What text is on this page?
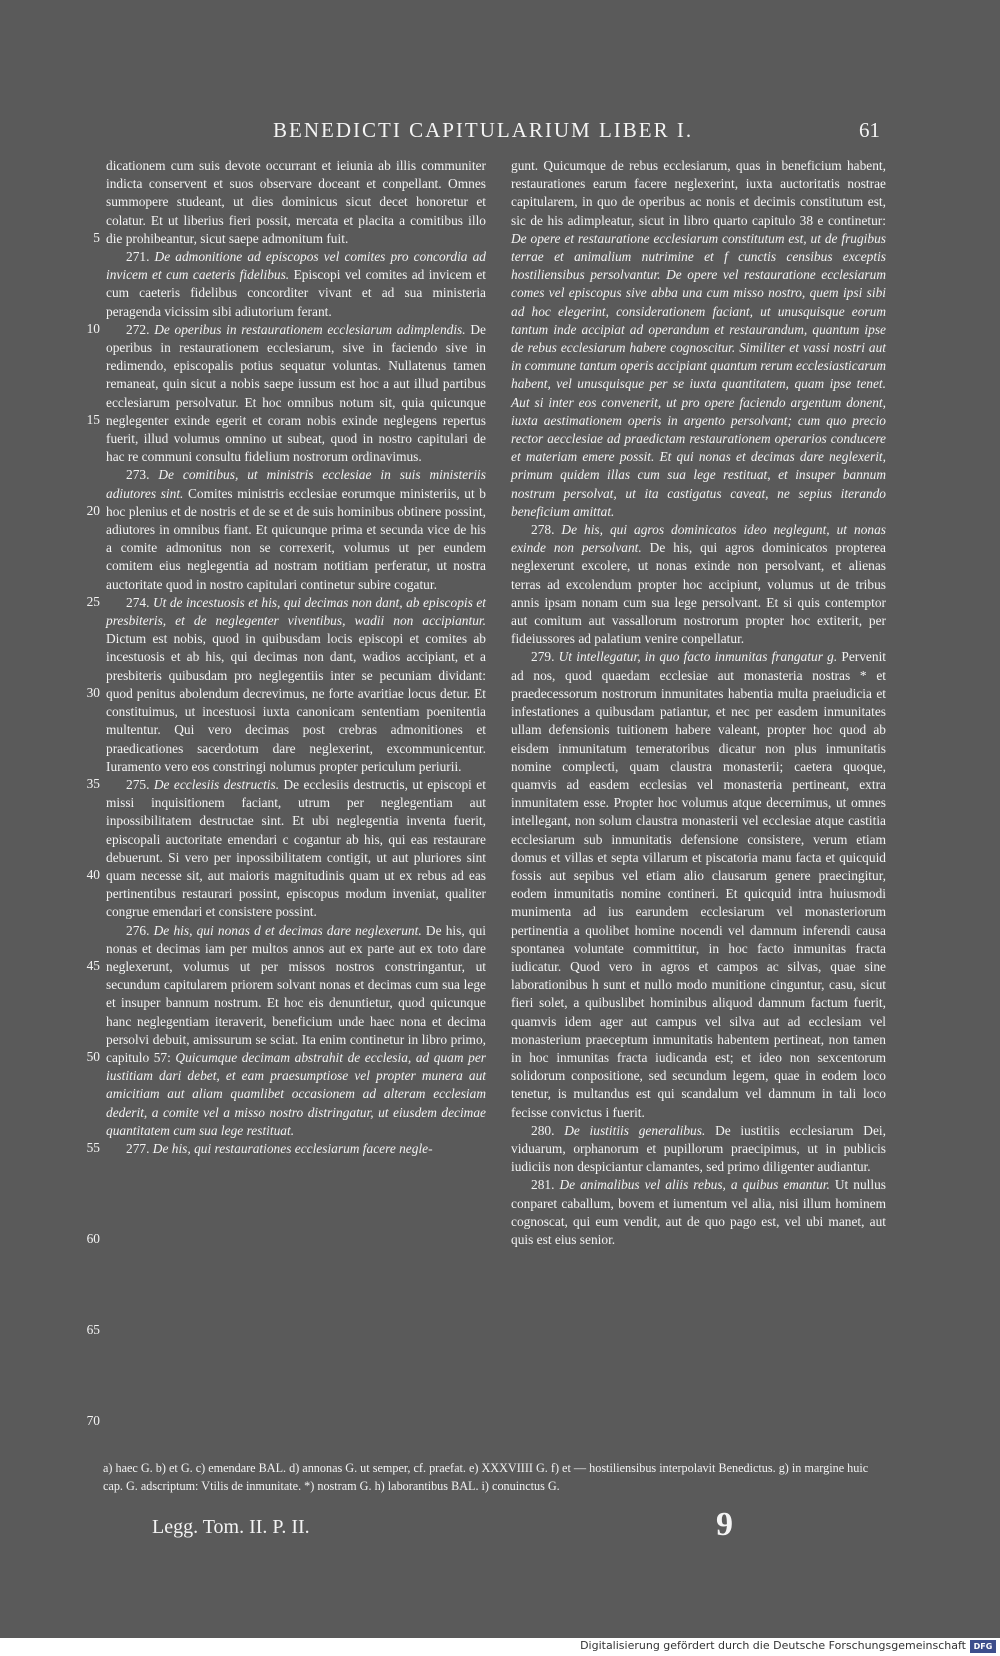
BENEDICTI CAPITULARIUM LIBER I.	61
5
10
15
20
25
30
35
40
45
50
55
60
65
70

dicationem cum suis devote occurrant et ieiunia ab illis communiter indicta conservent et suos observare doceant et conpellant. Omnes summopere studeant, ut dies dominicus sicut decet honoretur et colatur. Et ut liberius fieri possit, mercata et placita a comitibus illo die prohibeantur, sicut saepe admonitum fuit.

271. De admonitione ad episcopos vel comites pro concordia ad invicem et cum caeteris fidelibus. Episcopi vel comites ad invicem et cum caeteris fidelibus concorditer vivant et ad sua ministeria peragenda vicissim sibi adiutorium ferant.

272. De operibus in restaurationem ecclesiarum adimplendis. De operibus in restaurationem ecclesiarum, sive in faciendo sive in redimendo, episcopalis potius sequatur voluntas. Nullatenus tamen remaneat, quin sicut a nobis saepe iussum est hoc a aut illud partibus ecclesiarum persolvatur. Et hoc omnibus notum sit, quia quicunque neglegenter exinde egerit et coram nobis exinde neglegens repertus fuerit, illud volumus omnino ut subeat, quod in nostro capitulari de hac re communi consultu fidelium nostrorum ordinavimus.

273. De comitibus, ut ministris ecclesiae in suis ministeriis adiutores sint. Comites ministris ecclesiae eorumque ministeriis, ut b hoc plenius et de nostris et de se et de suis hominibus obtinere possint, adiutores in omnibus fiant. Et quicunque prima et secunda vice de his a comite admonitus non se correxerit, volumus ut per eundem comitem eius neglegentia ad nostram notitiam perferatur, ut nostra auctoritate quod in nostro capitulari continetur subire cogatur.

274. Ut de incestuosis et his, qui decimas non dant, ab episcopis et presbiteris, et de neglegenter viventibus, wadii non accipiantur. Dictum est nobis, quod in quibusdam locis episcopi et comites ab incestuosis et ab his, qui decimas non dant, wadios accipiant, et a presbiteris quibusdam pro neglegentiis inter se pecuniam dividant: quod penitus abolendum decrevimus, ne forte avaritiae locus detur. Et constituimus, ut incestuosi iuxta canonicam sententiam poenitentia multentur. Qui vero decimas post crebras admonitiones et praedicationes sacerdotum dare neglexerint, excommunicentur. Iuramento vero eos constringi nolumus propter periculum periurii.

275. De ecclesiis destructis. De ecclesiis destructis, ut episcopi et missi inquisitionem faciant, utrum per neglegentiam aut inpossibilitatem destructae sint. Et ubi neglegentia inventa fuerit, episcopali auctoritate emendari c cogantur ab his, qui eas restaurare debuerunt. Si vero per inpossibilitatem contigit, ut aut pluriores sint quam necesse sit, aut maioris magnitudinis quam ut ex rebus ad eas pertinentibus restaurari possint, episcopus modum inveniat, qualiter congrue emendari et consistere possint.

276. De his, qui nonas d et decimas dare neglexerunt. De his, qui nonas et decimas iam per multos annos aut ex parte aut ex toto dare neglexerunt, volumus ut per missos nostros constringantur, ut secundum capitularem priorem solvant nonas et decimas cum sua lege et insuper bannum nostrum. Et hoc eis denuntietur, quod quicunque hanc neglegentiam iteraverit, beneficium unde haec nona et decima persolvi debuit, amissurum se sciat. Ita enim continetur in libro primo, capitulo 57: Quicumque decimam abstrahit de ecclesia, ad quam per iustitiam dari debet, et eam praesumptiose vel propter munera aut amicitiam aut aliam quamlibet occasionem ad alteram ecclesiam dederit, a comite vel a misso nostro distringatur, ut eiusdem decimae quantitatem cum sua lege restituat.

277. De his, qui restaurationes ecclesiarum facere negle-

gunt. Quicumque de rebus ecclesiarum, quas in beneficium habent, restaurationes earum facere neglexerint, iuxta auctoritatis nostrae capitularem, in quo de operibus ac nonis et decimis constitutum est, sic de his adimpleatur, sicut in libro quarto capitulo 38 e continetur: De opere et restauratione ecclesiarum constitutum est, ut de frugibus terrae et animalium nutrimine et f cunctis censibus exceptis hostiliensibus persolvantur. De opere vel restauratione ecclesiarum comes vel episcopus sive abba una cum misso nostro, quem ipsi sibi ad hoc elegerint, considerationem faciant, ut unusquisque eorum tantum inde accipiat ad operandum et restaurandum, quantum ipse de rebus ecclesiarum habere cognoscitur. Similiter et vassi nostri aut in commune tantum operis accipiant quantum rerum ecclesiasticarum habent, vel unusquisque per se iuxta quantitatem, quam ipse tenet. Aut si inter eos convenerit, ut pro opere faciendo argentum donent, iuxta aestimationem operis in argento persolvant; cum quo precio rector aecclesiae ad praedictam restaurationem operarios conducere et materiam emere possit. Et qui nonas et decimas dare neglexerit, primum quidem illas cum sua lege restituat, et insuper bannum nostrum persolvat, ut ita castigatus caveat, ne sepius iterando beneficium amittat.

278. De his, qui agros dominicatos ideo neglegunt, ut nonas exinde non persolvant. De his, qui agros dominicatos propterea neglexerunt excolere, ut nonas exinde non persolvant, et alienas terras ad excolendum propter hoc accipiunt, volumus ut de tribus annis ipsam nonam cum sua lege persolvant. Et si quis contemptor aut comitum aut vassallorum nostrorum propter hoc extiterit, per fideiussores ad palatium venire conpellatur.

279. Ut intellegatur, in quo facto inmunitas frangatur g. Pervenit ad nos, quod quaedam ecclesiae aut monasteria nostras * et praedecessorum nostrorum inmunitates habentia multa praeiudicia et infestationes a quibusdam patiantur, et nec per easdem inmunitates ullam defensionis tuitionem habere valeant, propter hoc quod ab eisdem inmunitatum temeratoribus dicatur non plus inmunitatis nomine complecti, quam claustra monasterii; caetera quoque, quamvis ad easdem ecclesias vel monasteria pertineant, extra inmunitatem esse. Propter hoc volumus atque decernimus, ut omnes intellegant, non solum claustra monasterii vel ecclesiae atque castitia ecclesiarum sub inmunitatis defensione consistere, verum etiam domus et villas et septa villarum et piscatoria manu facta et quicquid fossis aut sepibus vel etiam alio clausarum genere praecingitur, eodem inmunitatis nomine contineri. Et quicquid intra huiusmodi munimenta ad ius earundem ecclesiarum vel monasteriorum pertinentia a quolibet homine nocendi vel damnum inferendi causa spontanea voluntate committitur, in hoc facto inmunitas fracta iudicatur. Quod vero in agros et campos ac silvas, quae sine laborationibus h sunt et nullo modo munitione cinguntur, casu, sicut fieri solet, a quibuslibet hominibus aliquod damnum factum fuerit, quamvis idem ager aut campus vel silva aut ad ecclesiam vel monasterium praeceptum inmunitatis habentem pertineat, non tamen in hoc inmunitas fracta iudicanda est; et ideo non sexcentorum solidorum conpositione, sed secundum legem, quae in eodem loco tenetur, is multandus est qui scandalum vel damnum in tali loco fecisse convictus i fuerit.

280. De iustitiis generalibus. De iustitiis ecclesiarum Dei, viduarum, orphanorum et pupillorum praecipimus, ut in publicis iudiciis non despiciantur clamantes, sed primo diligenter audiantur.

281. De animalibus vel aliis rebus, a quibus emantur. Ut nullus conparet caballum, bovem et iumentum vel alia, nisi illum hominem cognoscat, qui eum vendit, aut de quo pago est, vel ubi manet, aut quis est eius senior.

a) haec G. b) et G. c) emendare BAL. d) annonas G. ut semper, cf. praefat. e) XXXVIIII G. f) et — hostiliensibus interpolavit Benedictus. g) in margine huic cap. G. adscriptum: Vtilis de inmunitate. *) nostram G. h) laborantibus BAL. i) conuinctus G.

Legg. Tom. II. P. II.	9
Digitalisierung gefördert durch die Deutsche Forschungsgemeinschaft DFG
